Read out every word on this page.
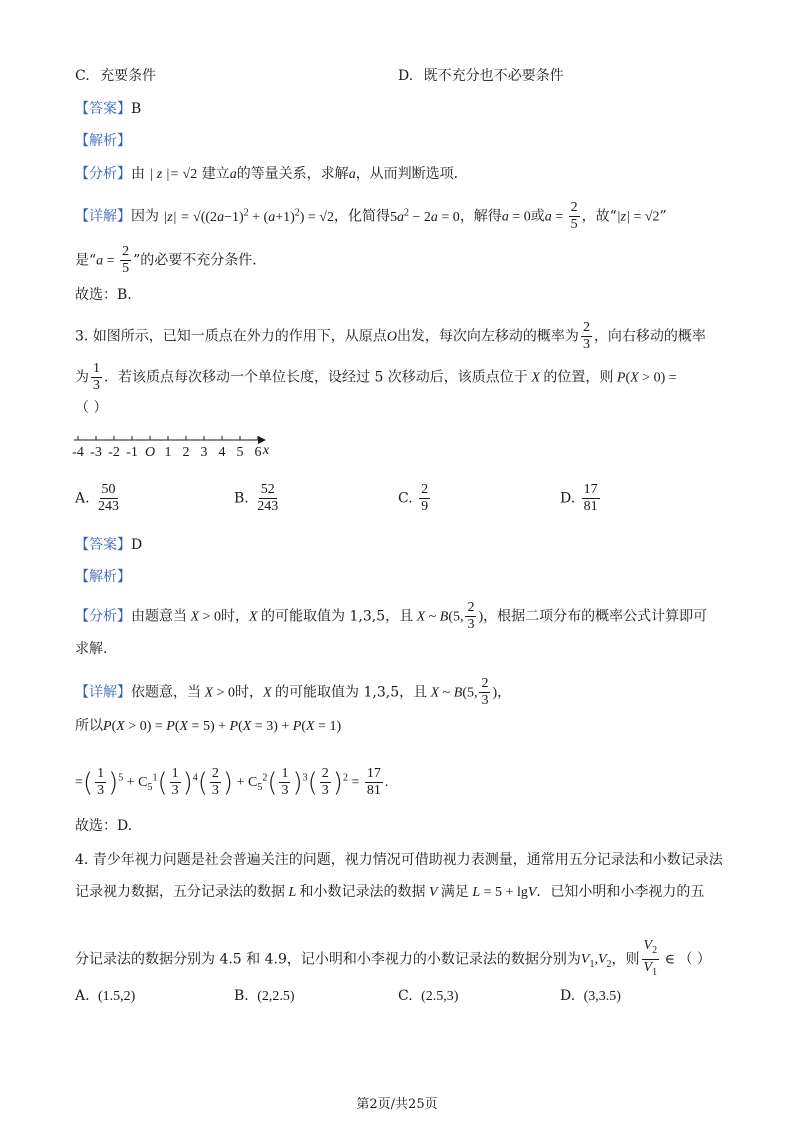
C. 充要条件	D. 既不充分也不必要条件
【答案】B
【解析】
【分析】由 | z |= √2 建立a的等量关系，求解a，从而判断选项.
【详解】因为 $|z| = √((2a-1)^2 + (a+1)^2) = √2$，化简得$5a^2 - 2a = 0$，解得a = 0或$a = \frac{2}{5}$ ，故“|z| = √2”
是“$a = \frac{2}{5}$ ”的必要不充分条件.
故选：B.
3. 如图所示，已知一质点在外力的作用下，从原点O出发，每次向左移动的概率为 $\frac{2}{3}$ ，向右移动的概率
为 $\frac{1}{3}$ ．若该质点每次移动一个单位长度，设经过 5 次移动后，该质点位于 X 的位置，则 P(X > 0) =
（ ）
-4 -3 -2 -1 O 1 2 3 4 5 6 x
A. $\frac{50}{243}$	B. $\frac{52}{243}$	C. $\frac{2}{9}$	D. $\frac{17}{81}$
【答案】D
【解析】
【分析】由题意当 X > 0时，X 的可能取值为 1,3,5，且 X ~ B(5, $\frac{2}{3}$ )，根据二项分布的概率公式计算即可
求解.
【详解】依题意，当 X > 0时，X 的可能取值为 1,3,5，且 X ~ B(5, $\frac{2}{3}$ )，
所以P(X > 0) = P(X = 5) + P(X = 3) + P(X = 1)
=( $\frac{1}{3} )^5 + C_5^1( \frac{1}{3} )^4( \frac{2}{3}$ ) + $C_5^2( \frac{1}{3} )^3( \frac{2}{3} )^2 = \frac{17}{81}$ .
故选：D.
4. 青少年视力问题是社会普遍关注的问题，视力情况可借助视力表测量，通常用五分记录法和小数记录法
记录视力数据，五分记录法的数据 L 和小数记录法的数据 V 满足 L = 5 + lgV．已知小明和小李视力的五
分记录法的数据分别为 4.5 和 4.9，记小明和小李视力的小数记录法的数据分别为$V_1,V_2$，则 $\frac{V_2}{V_1}$ ∈ （ ）
A. (1.5,2)	B. (2,2.5)	C. (2.5,3)	D. (3,3.5)
第2页/共25页
